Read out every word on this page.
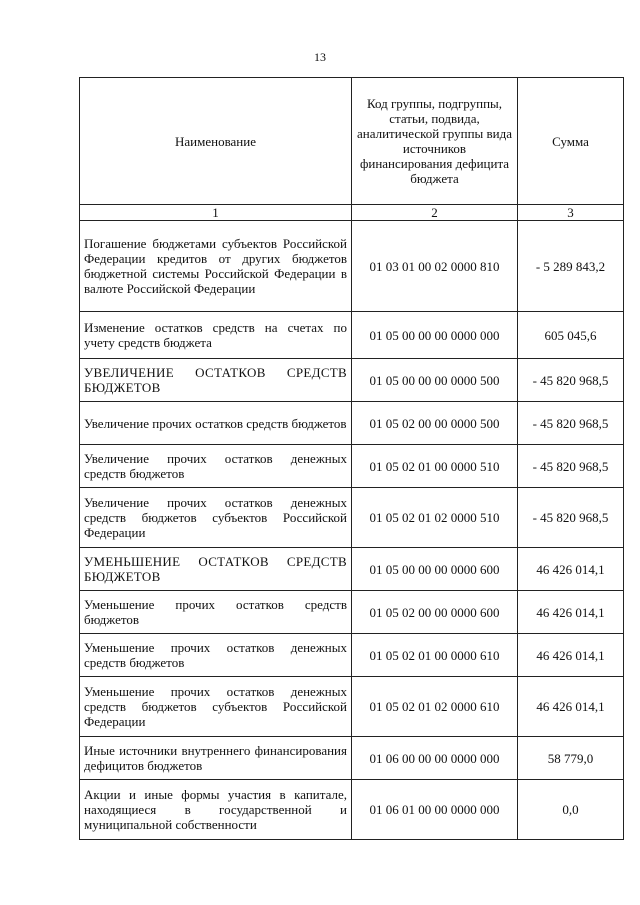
13
Наименование	Код группы, подгруппы, статьи, подвида, аналитической группы вида источников финансирования дефицита бюджета	Сумма
1	2	3
Погашение бюджетами субъектов Российской Федерации кредитов от других бюджетов бюджетной системы Российской Федерации в валюте Российской Федерации	01 03 01 00 02 0000 810	- 5 289 843,2
Изменение остатков средств на счетах по учету средств бюджета	01 05 00 00 00 0000 000	605 045,6
УВЕЛИЧЕНИЕ ОСТАТКОВ СРЕДСТВ БЮДЖЕТОВ	01 05 00 00 00 0000 500	- 45 820 968,5
Увеличение прочих остатков средств бюджетов	01 05 02 00 00 0000 500	- 45 820 968,5
Увеличение прочих остатков денежных средств бюджетов	01 05 02 01 00 0000 510	- 45 820 968,5
Увеличение прочих остатков денежных средств бюджетов субъектов Российской Федерации	01 05 02 01 02 0000 510	- 45 820 968,5
УМЕНЬШЕНИЕ ОСТАТКОВ СРЕДСТВ БЮДЖЕТОВ	01 05 00 00 00 0000 600	46 426 014,1
Уменьшение прочих остатков средств бюджетов	01 05 02 00 00 0000 600	46 426 014,1
Уменьшение прочих остатков денежных средств бюджетов	01 05 02 01 00 0000 610	46 426 014,1
Уменьшение прочих остатков денежных средств бюджетов субъектов Российской Федерации	01 05 02 01 02 0000 610	46 426 014,1
Иные источники внутреннего финансирования дефицитов бюджетов	01 06 00 00 00 0000 000	58 779,0
Акции и иные формы участия в капитале, находящиеся в государственной и муниципальной собственности	01 06 01 00 00 0000 000	0,0
